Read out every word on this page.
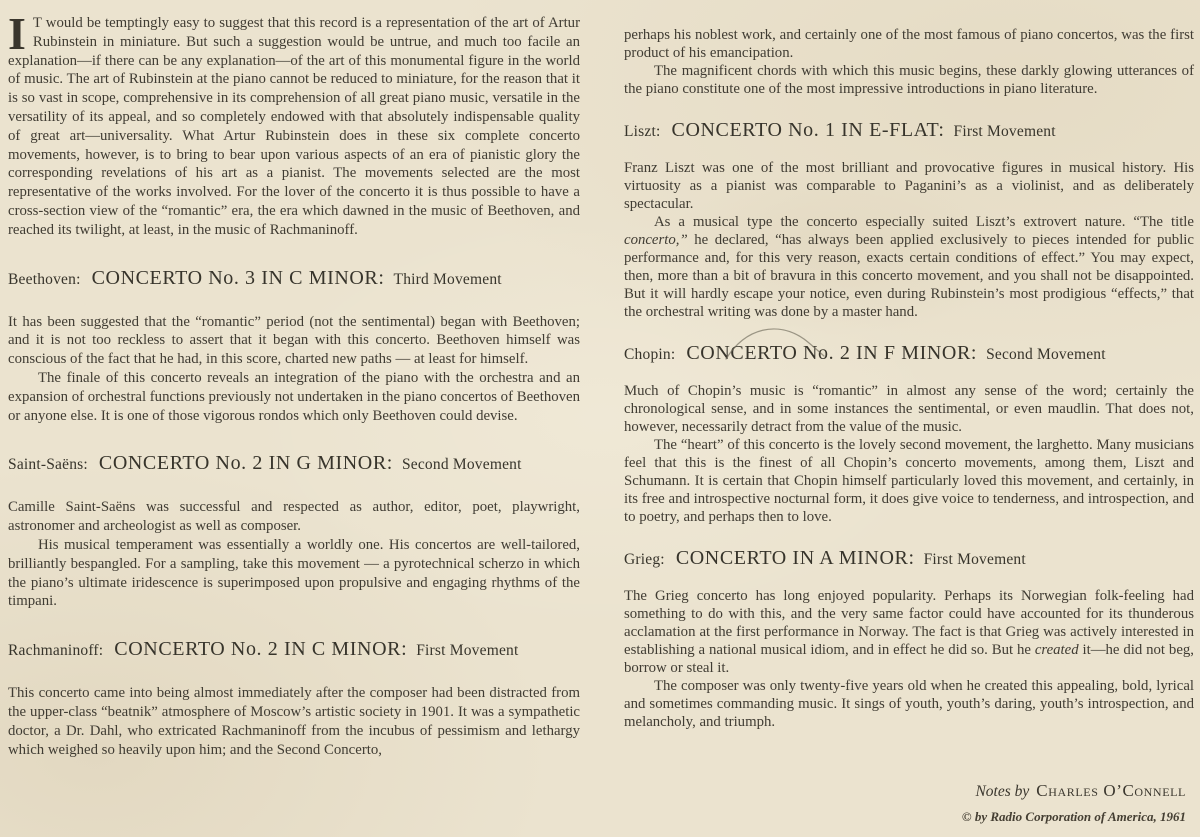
I T would be temptingly easy to suggest that this record is a representation of the art of Artur Rubinstein in miniature. But such a suggestion would be untrue, and much too facile an explanation—if there can be any explanation—of the art of this monumental figure in the world of music. The art of Rubinstein at the piano cannot be reduced to miniature, for the reason that it is so vast in scope, comprehensive in its comprehension of all great piano music, versatile in the versatility of its appeal, and so completely endowed with that absolutely indispensable quality of great art—universality. What Artur Rubinstein does in these six complete concerto movements, however, is to bring to bear upon various aspects of an era of pianistic glory the corresponding revelations of his art as a pianist. The movements selected are the most representative of the works involved. For the lover of the concerto it is thus possible to have a cross-section view of the “romantic” era, the era which dawned in the music of Beethoven, and reached its twilight, at least, in the music of Rachmaninoff.

Beethoven: CONCERTO No. 3 IN C MINOR: Third Movement

It has been suggested that the “romantic” period (not the sentimental) began with Beethoven; and it is not too reckless to assert that it began with this concerto. Beethoven himself was conscious of the fact that he had, in this score, charted new paths — at least for himself.

The finale of this concerto reveals an integration of the piano with the orchestra and an expansion of orchestral functions previously not undertaken in the piano concertos of Beethoven or anyone else. It is one of those vigorous rondos which only Beethoven could devise.

Saint-Saëns: CONCERTO No. 2 IN G MINOR: Second Movement

Camille Saint-Saëns was successful and respected as author, editor, poet, playwright, astronomer and archeologist as well as composer.

His musical temperament was essentially a worldly one. His concertos are well-tailored, brilliantly bespangled. For a sampling, take this movement — a pyrotechnical scherzo in which the piano’s ultimate iridescence is superimposed upon propulsive and engaging rhythms of the timpani.

Rachmaninoff: CONCERTO No. 2 IN C MINOR: First Movement

This concerto came into being almost immediately after the composer had been distracted from the upper-class “beatnik” atmosphere of Moscow’s artistic society in 1901. It was a sympathetic doctor, a Dr. Dahl, who extricated Rachmaninoff from the incubus of pessimism and lethargy which weighed so heavily upon him; and the Second Concerto,

perhaps his noblest work, and certainly one of the most famous of piano concertos, was the first product of his emancipation.

The magnificent chords with which this music begins, these darkly glowing utterances of the piano constitute one of the most impressive introductions in piano literature.

Liszt: CONCERTO No. 1 IN E-FLAT: First Movement

Franz Liszt was one of the most brilliant and provocative figures in musical history. His virtuosity as a pianist was comparable to Paganini’s as a violinist, and as deliberately spectacular.

As a musical type the concerto especially suited Liszt’s extrovert nature. “The title concerto,” he declared, “has always been applied exclusively to pieces intended for public performance and, for this very reason, exacts certain conditions of effect.” You may expect, then, more than a bit of bravura in this concerto movement, and you shall not be disappointed. But it will hardly escape your notice, even during Rubinstein’s most prodigious “effects,” that the orchestral writing was done by a master hand.

Chopin: CONCERTO No. 2 IN F MINOR: Second Movement

Much of Chopin’s music is “romantic” in almost any sense of the word; certainly the chronological sense, and in some instances the sentimental, or even maudlin. That does not, however, necessarily detract from the value of the music.

The “heart” of this concerto is the lovely second movement, the larghetto. Many musicians feel that this is the finest of all Chopin’s concerto movements, among them, Liszt and Schumann. It is certain that Chopin himself particularly loved this movement, and certainly, in its free and introspective nocturnal form, it does give voice to tenderness, and introspection, and to poetry, and perhaps then to love.

Grieg: CONCERTO IN A MINOR: First Movement

The Grieg concerto has long enjoyed popularity. Perhaps its Norwegian folk-feeling had something to do with this, and the very same factor could have accounted for its thunderous acclamation at the first performance in Norway. The fact is that Grieg was actively interested in establishing a national musical idiom, and in effect he did so. But he created it—he did not beg, borrow or steal it.

The composer was only twenty-five years old when he created this appealing, bold, lyrical and sometimes commanding music. It sings of youth, youth’s daring, youth’s introspection, and melancholy, and triumph.

Notes by Charles O’Connell

© by Radio Corporation of America, 1961
